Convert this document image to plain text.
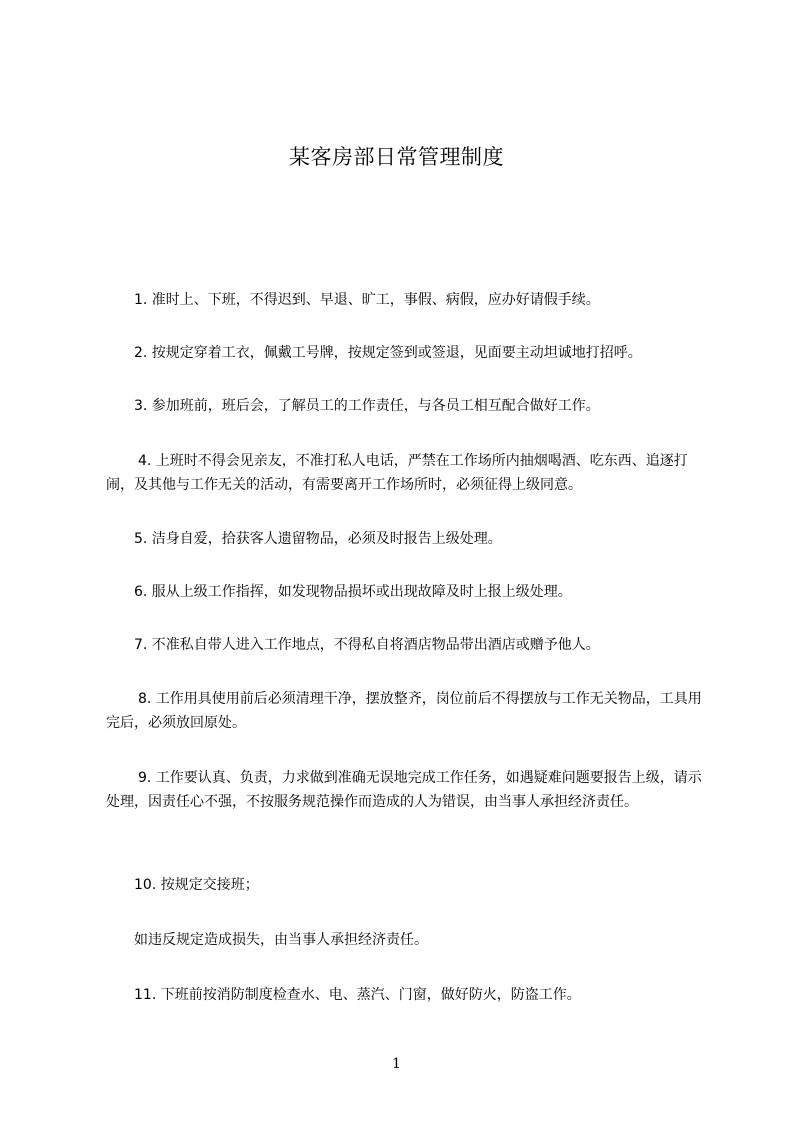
某客房部日常管理制度

1. 准时上、下班，不得迟到、早退、旷工，事假、病假，应办好请假手续。

2. 按规定穿着工衣，佩戴工号牌，按规定签到或签退，见面要主动坦诚地打招呼。

3. 参加班前，班后会，了解员工的工作责任，与各员工相互配合做好工作。

4. 上班时不得会见亲友，不准打私人电话，严禁在工作场所内抽烟喝酒、吃东西、追逐打闹，及其他与工作无关的活动，有需要离开工作场所时，必须征得上级同意。

5. 洁身自爱，拾获客人遗留物品，必须及时报告上级处理。

6. 服从上级工作指挥，如发现物品损坏或出现故障及时上报上级处理。

7. 不准私自带人进入工作地点，不得私自将酒店物品带出酒店或赠予他人。

8. 工作用具使用前后必须清理干净，摆放整齐，岗位前后不得摆放与工作无关物品，工具用完后，必须放回原处。

9. 工作要认真、负责，力求做到准确无误地完成工作任务，如遇疑难问题要报告上级，请示处理，因责任心不强，不按服务规范操作而造成的人为错误，由当事人承担经济责任。

10. 按规定交接班；

如违反规定造成损失，由当事人承担经济责任。

11. 下班前按消防制度检查水、电、蒸汽、门窗，做好防火，防盗工作。

1
